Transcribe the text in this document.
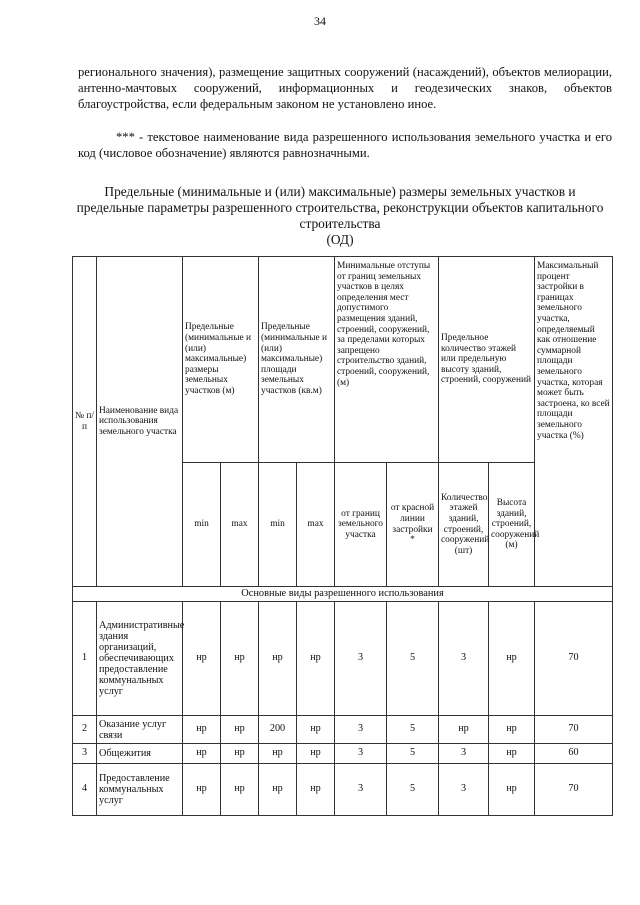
34

регионального значения), размещение защитных сооружений (насаждений), объектов мелиорации, антенно-мачтовых сооружений, информационных и геодезических знаков, объектов благоустройства, если федеральным законом не установлено иное.

*** - текстовое наименование вида разрешенного использования земельного участка и его код (числовое обозначение) являются равнозначными.

Предельные (минимальные и (или) максимальные) размеры земельных участков и предельные параметры разрешенного строительства, реконструкции объектов капитального строительства
(ОД)
№ п/п	Наименование вида использования земельного участка	Предельные (минимальные и (или) максимальные) размеры земельных участков (м)		Предельные (минимальные и (или) максимальные) площади земельных участков (кв.м)		Минимальные отступы от границ земельных участков в целях определения мест допустимого размещения зданий, строений, сооружений, за пределами которых запрещено строительство зданий, строений, сооружений, (м)		Предельное количество этажей или предельную высоту зданий, строений, сооружений		Максимальный процент застройки в границах земельного участка, определяемый как отношение суммарной площади земельного участка, которая может быть застроена, ко всей площади земельного участка (%)
		min	max	min	max	от границ земельного участка	от красной линии застройки *	Количество этажей зданий, строений, сооружений (шт)	Высота зданий, строений, сооружений (м)	
Основные виды разрешенного использования										
1	Административные здания организаций, обеспечивающих предоставление коммунальных услуг	нр	нр	нр	нр	3	5	3	нр	70
2	Оказание услуг связи	нр	нр	200	нр	3	5	нр	нр	70
3	Общежития	нр	нр	нр	нр	3	5	3	нр	60
4	Предоставление коммунальных услуг	нр	нр	нр	нр	3	5	3	нр	70
